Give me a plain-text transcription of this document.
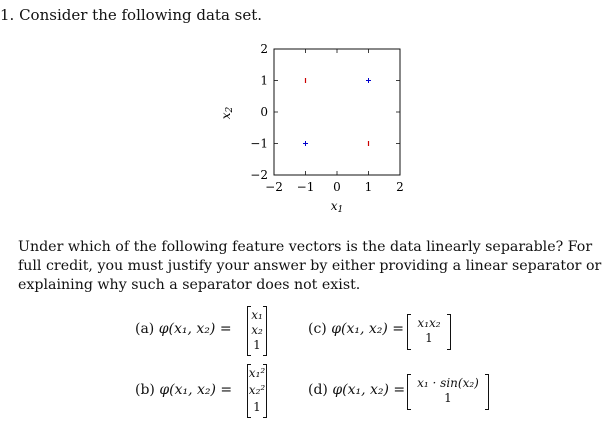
1. Consider the following data set.
−2 −1 0 1 2
−2
−1
0
1
2
x1
x2
Under which of the following feature vectors is the data linearly separable? For full credit, you must justify your answer by either providing a linear separator or explaining why such a separator does not exist.
(a) φ(x₁, x₂) =
x₁
x₂
1
(b) φ(x₁, x₂) =
x₁²
x₂²
1
(c) φ(x₁, x₂) =	x₁x₂
1
(d) φ(x₁, x₂) = x₁ · sin(x₂)
1
